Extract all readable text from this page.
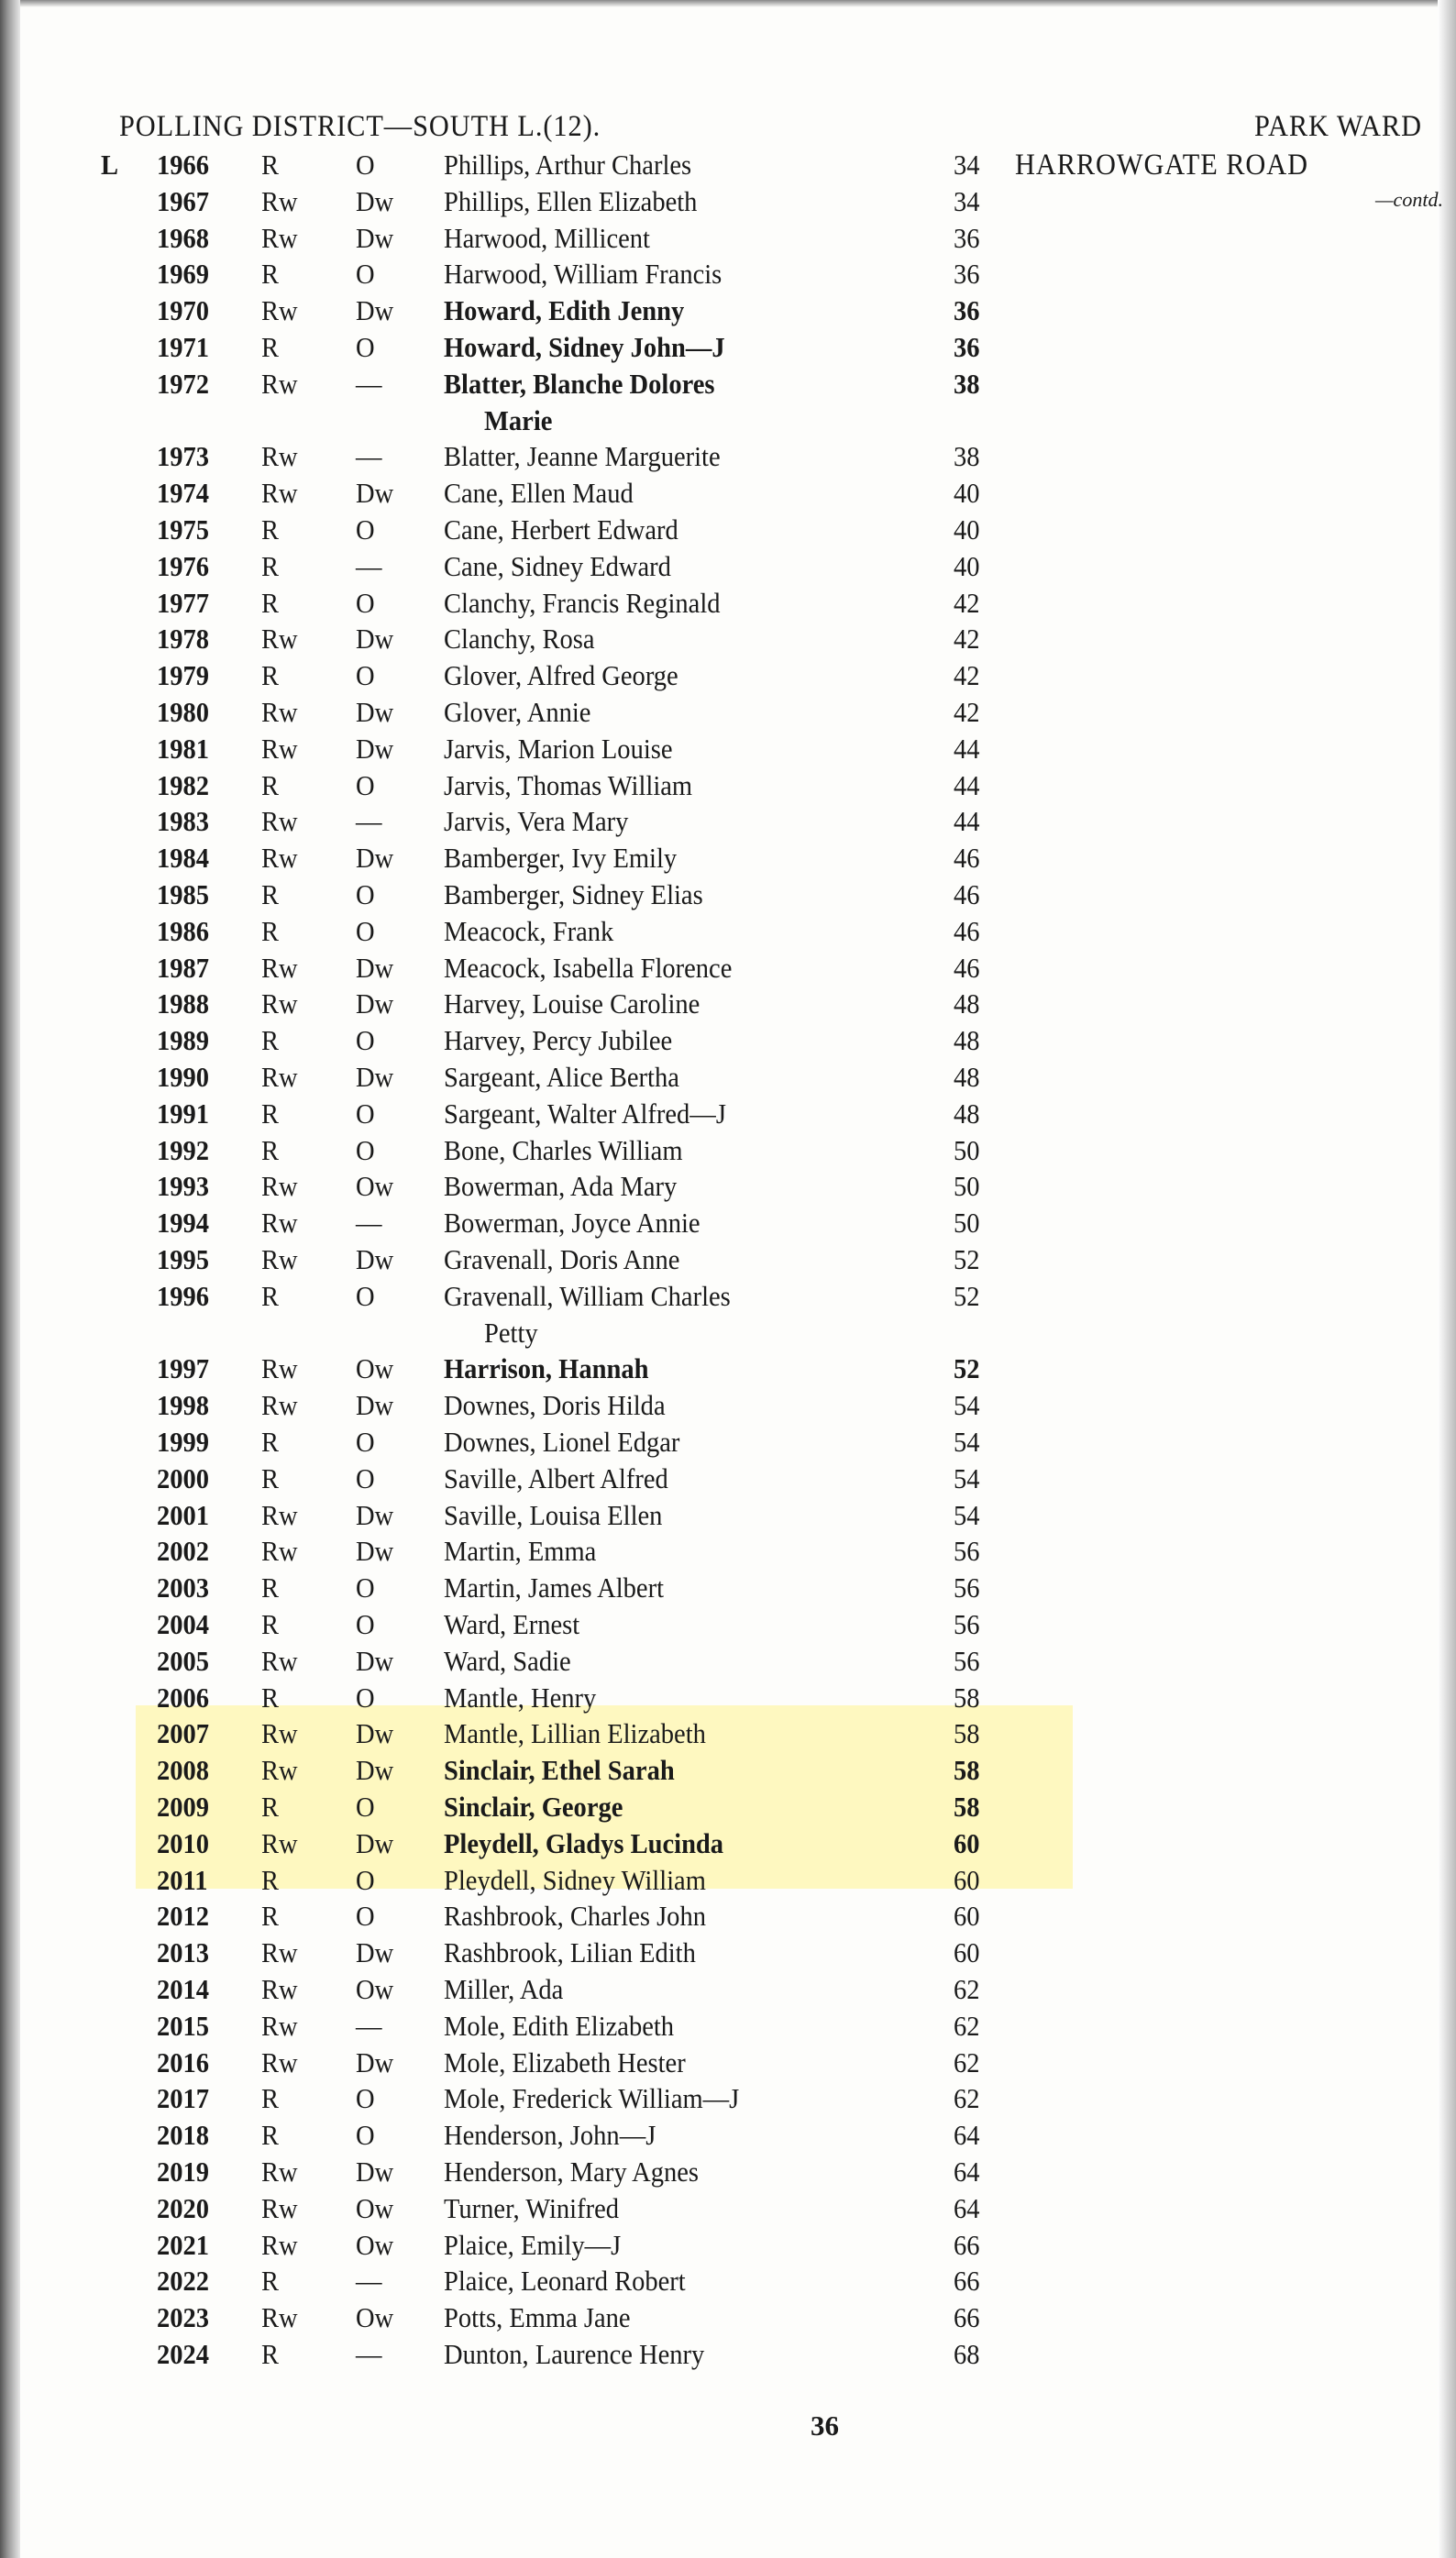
POLLING DISTRICT—SOUTH L.(12).	PARK WARD
—contd.
L 1966 R	O Phillips, Arthur Charles	34 HARROWGATE ROAD
1967 Rw Dw Phillips, Ellen Elizabeth	34
1968 Rw Dw Harwood, Millicent	36
1969 R	O Harwood, William Francis	36
1970 Rw Dw Howard, Edith Jenny	36
1971 R	O Howard, Sidney John—J	36
1972 Rw — Blatter, Blanche Dolores	38
Marie
1973 Rw — Blatter, Jeanne Marguerite	38
1974 Rw Dw Cane, Ellen Maud	40
1975 R	O Cane, Herbert Edward	40
1976 R	— Cane, Sidney Edward	40
1977 R	O Clanchy, Francis Reginald	42
1978 Rw Dw Clanchy, Rosa	42
1979 R	O Glover, Alfred George	42
1980 Rw Dw Glover, Annie	42
1981 Rw Dw Jarvis, Marion Louise	44
1982 R	O Jarvis, Thomas William	44
1983 Rw — Jarvis, Vera Mary	44
1984 Rw Dw Bamberger, Ivy Emily	46
1985 R	O Bamberger, Sidney Elias	46
1986 R	O Meacock, Frank	46
1987 Rw Dw Meacock, Isabella Florence	46
1988 Rw Dw Harvey, Louise Caroline	48
1989 R	O Harvey, Percy Jubilee	48
1990 Rw Dw Sargeant, Alice Bertha	48
1991 R	O Sargeant, Walter Alfred—J	48
1992 R	O Bone, Charles William	50
1993 Rw Ow Bowerman, Ada Mary	50
1994 Rw — Bowerman, Joyce Annie	50
1995 Rw Dw Gravenall, Doris Anne	52
1996 R	O Gravenall, William Charles	52
Petty
1997 Rw Ow Harrison, Hannah	52
1998 Rw Dw Downes, Doris Hilda	54
1999 R	O Downes, Lionel Edgar	54
2000 R	O Saville, Albert Alfred	54
2001 Rw Dw Saville, Louisa Ellen	54
2002 Rw Dw Martin, Emma	56
2003 R	O Martin, James Albert	56
2004 R	O Ward, Ernest	56
2005 Rw Dw Ward, Sadie	56
2006 R	O Mantle, Henry	58
2007 Rw Dw Mantle, Lillian Elizabeth	58
2008 Rw Dw Sinclair, Ethel Sarah	58
2009 R	O Sinclair, George	58
2010 Rw Dw Pleydell, Gladys Lucinda	60
2011 R	O Pleydell, Sidney William	60
2012 R	O Rashbrook, Charles John	60
2013 Rw Dw Rashbrook, Lilian Edith	60
2014 Rw Ow Miller, Ada	62
2015 Rw — Mole, Edith Elizabeth	62
2016 Rw Dw Mole, Elizabeth Hester	62
2017 R	O Mole, Frederick William—J	62
2018 R	O Henderson, John—J	64
2019 Rw Dw Henderson, Mary Agnes	64
2020 Rw Ow Turner, Winifred	64
2021 Rw Ow Plaice, Emily—J	66
2022 R	— Plaice, Leonard Robert	66
2023 Rw Ow Potts, Emma Jane	66
2024 R	— Dunton, Laurence Henry	68
36
